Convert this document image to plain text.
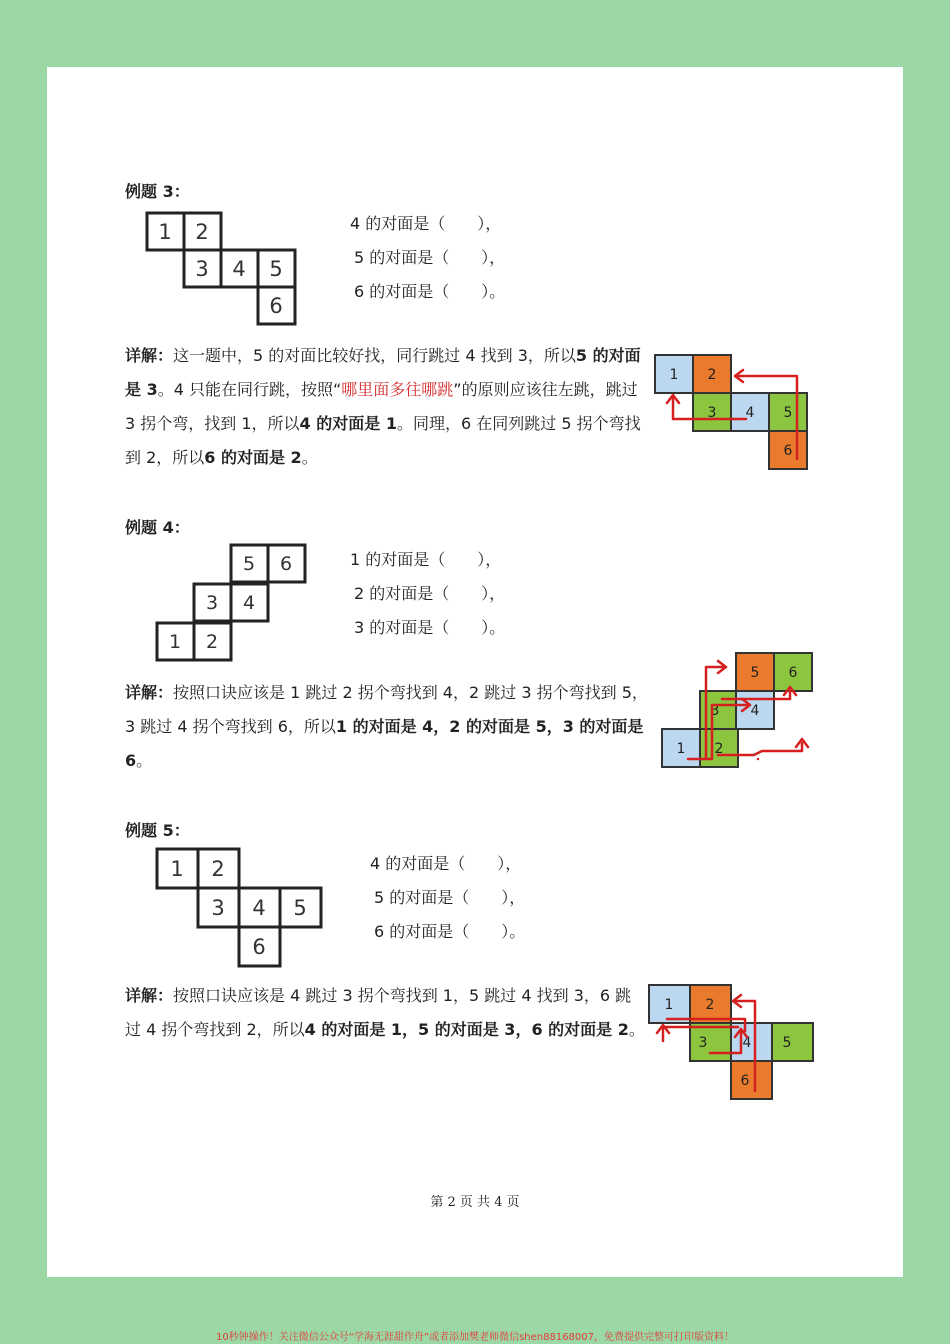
例题 3：
1 2
3 4 5
6
4 的对面是（　　），
5 的对面是（　　），
6 的对面是（　　）。
详解：这一题中，5 的对面比较好找，同行跳过 4 找到 3，所以5 的对面是 3。4 只能在同行跳，按照“哪里面多往哪跳”的原则应该往左跳，跳过 3 拐个弯，找到 1，所以4 的对面是 1。同理，6 在同列跳过 5 拐个弯找到 2，所以6 的对面是 2。
1 2
3 4 5
6
例题 4：
5 6
3 4
1 2
1 的对面是（　　），
2 的对面是（　　），
3 的对面是（　　）。
详解：按照口诀应该是 1 跳过 2 拐个弯找到 4，2 跳过 3 拐个弯找到 5，3 跳过 4 拐个弯找到 6，所以1 的对面是 4，2 的对面是 5，3 的对面是 6。
5 6
3 4
1 2
例题 5：
1 2
3 4 5
6
4 的对面是（　　），
5 的对面是（　　），
6 的对面是（　　）。
详解：按照口诀应该是 4 跳过 3 拐个弯找到 1，5 跳过 4 找到 3，6 跳过 4 拐个弯找到 2，所以4 的对面是 1，5 的对面是 3，6 的对面是 2。
1 2
3	4 5
6
第 2 页 共 4 页
10秒钟操作！关注微信公众号“学海无涯甜作舟”或者添加樊老师微信shen88168007，免费提供完整可打印版资料！
